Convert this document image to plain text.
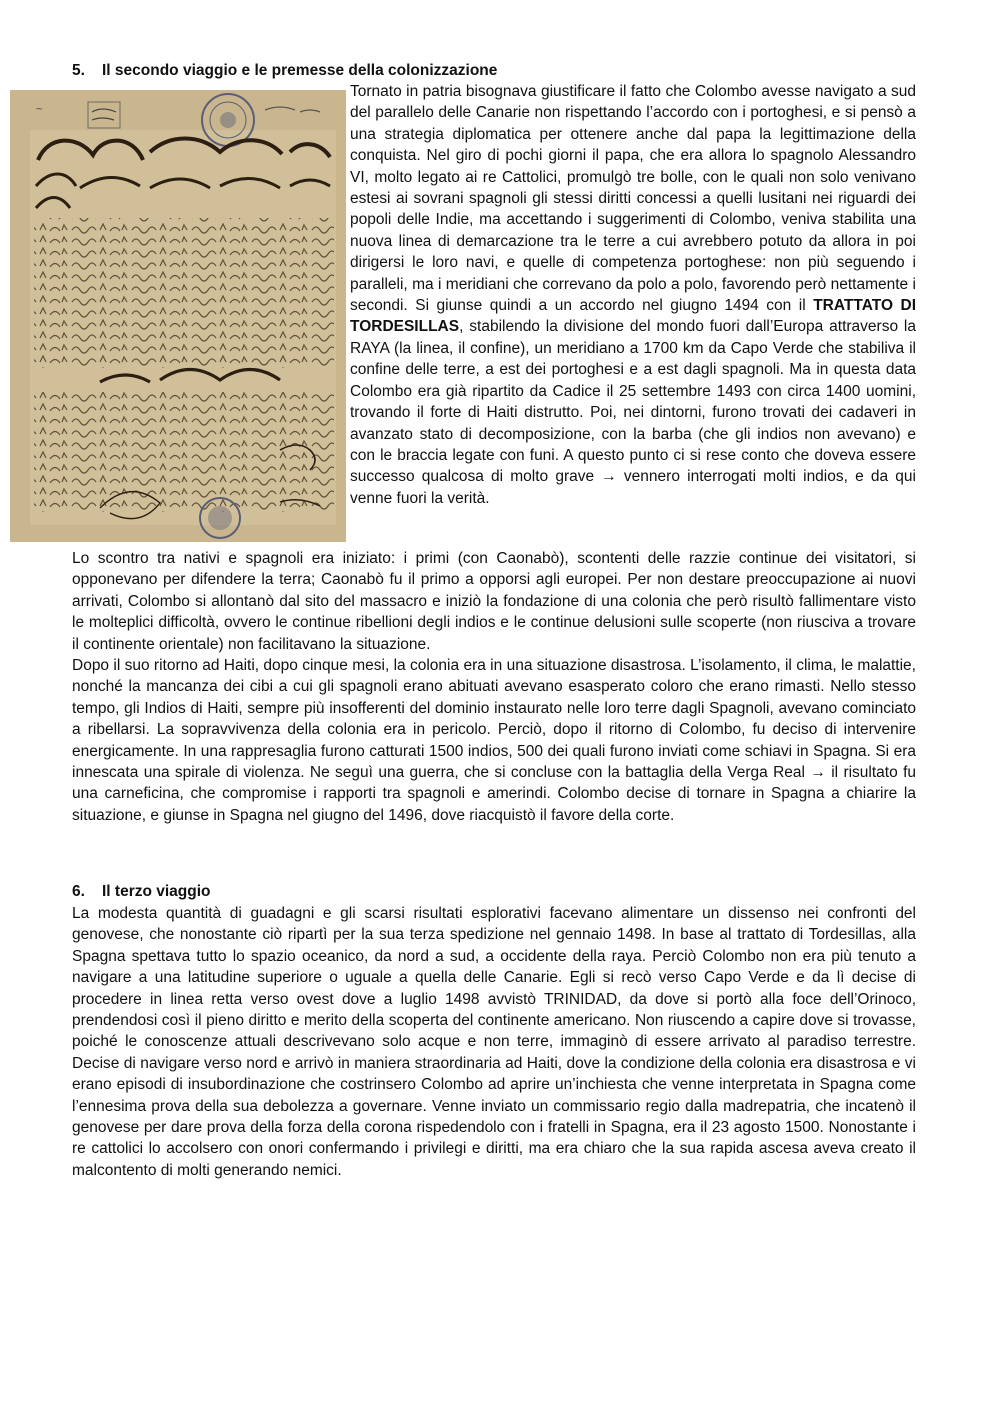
5. Il secondo viaggio e le premesse della colonizzazione
~

Tornato in patria bisognava giustificare il fatto che Colombo avesse navigato a sud del parallelo delle Canarie non rispettando l’accordo con i portoghesi, e si pensò a una strategia diplomatica per ottenere anche dal papa la legittimazione della conquista. Nel giro di pochi giorni il papa, che era allora lo spagnolo Alessandro VI, molto legato ai re Cattolici, promulgò tre bolle, con le quali non solo venivano estesi ai sovrani spagnoli gli stessi diritti concessi a quelli lusitani nei riguardi dei popoli delle Indie, ma accettando i suggerimenti di Colombo, veniva stabilita una nuova linea di demarcazione tra le terre a cui avrebbero potuto da allora in poi dirigersi le loro navi, e quelle di competenza portoghese: non più seguendo i paralleli, ma i meridiani che correvano da polo a polo, favorendo però nettamente i secondi. Si giunse quindi a un accordo nel giugno 1494 con il TRATTATO DI TORDESILLAS, stabilendo la divisione del mondo fuori dall’Europa attraverso la RAYA (la linea, il confine), un meridiano a 1700 km da Capo Verde che stabiliva il confine delle terre, a est dei portoghesi e a est dagli spagnoli. Ma in questa data Colombo era già ripartito da Cadice il 25 settembre 1493 con circa 1400 uomini, trovando il forte di Haiti distrutto. Poi, nei dintorni, furono trovati dei cadaveri in avanzato stato di decomposizione, con la barba (che gli indios non avevano) e con le braccia legate con funi. A questo punto ci si rese conto che doveva essere successo qualcosa di molto grave → vennero interrogati molti indios, e da qui venne fuori la verità.

Lo scontro tra nativi e spagnoli era iniziato: i primi (con Caonabò), scontenti delle razzie continue dei visitatori, si opponevano per difendere la terra; Caonabò fu il primo a opporsi agli europei. Per non destare preoccupazione ai nuovi arrivati, Colombo si allontanò dal sito del massacro e iniziò la fondazione di una colonia che però risultò fallimentare visto le molteplici difficoltà, ovvero le continue ribellioni degli indios e le continue delusioni sulle scoperte (non riusciva a trovare il continente orientale) non facilitavano la situazione.

Dopo il suo ritorno ad Haiti, dopo cinque mesi, la colonia era in una situazione disastrosa. L’isolamento, il clima, le malattie, nonché la mancanza dei cibi a cui gli spagnoli erano abituati avevano esasperato coloro che erano rimasti. Nello stesso tempo, gli Indios di Haiti, sempre più insofferenti del dominio instaurato nelle loro terre dagli Spagnoli, avevano cominciato a ribellarsi. La sopravvivenza della colonia era in pericolo. Perciò, dopo il ritorno di Colombo, fu deciso di intervenire energicamente. In una rappresaglia furono catturati 1500 indios, 500 dei quali furono inviati come schiavi in Spagna. Si era innescata una spirale di violenza. Ne seguì una guerra, che si concluse con la battaglia della Verga Real → il risultato fu una carneficina, che compromise i rapporti tra spagnoli e amerindi. Colombo decise di tornare in Spagna a chiarire la situazione, e giunse in Spagna nel giugno del 1496, dove riacquistò il favore della corte.

6. Il terzo viaggio

La modesta quantità di guadagni e gli scarsi risultati esplorativi facevano alimentare un dissenso nei confronti del genovese, che nonostante ciò ripartì per la sua terza spedizione nel gennaio 1498. In base al trattato di Tordesillas, alla Spagna spettava tutto lo spazio oceanico, da nord a sud, a occidente della raya. Perciò Colombo non era più tenuto a navigare a una latitudine superiore o uguale a quella delle Canarie. Egli si recò verso Capo Verde e da lì decise di procedere in linea retta verso ovest dove a luglio 1498 avvistò TRINIDAD, da dove si portò alla foce dell’Orinoco, prendendosi così il pieno diritto e merito della scoperta del continente americano. Non riuscendo a capire dove si trovasse, poiché le conoscenze attuali descrivevano solo acque e non terre, immaginò di essere arrivato al paradiso terrestre. Decise di navigare verso nord e arrivò in maniera straordinaria ad Haiti, dove la condizione della colonia era disastrosa e vi erano episodi di insubordinazione che costrinsero Colombo ad aprire un’inchiesta che venne interpretata in Spagna come l’ennesima prova della sua debolezza a governare. Venne inviato un commissario regio dalla madrepatria, che incatenò il genovese per dare prova della forza della corona rispedendolo con i fratelli in Spagna, era il 23 agosto 1500. Nonostante i re cattolici lo accolsero con onori confermando i privilegi e diritti, ma era chiaro che la sua rapida ascesa aveva creato il malcontento di molti generando nemici.
